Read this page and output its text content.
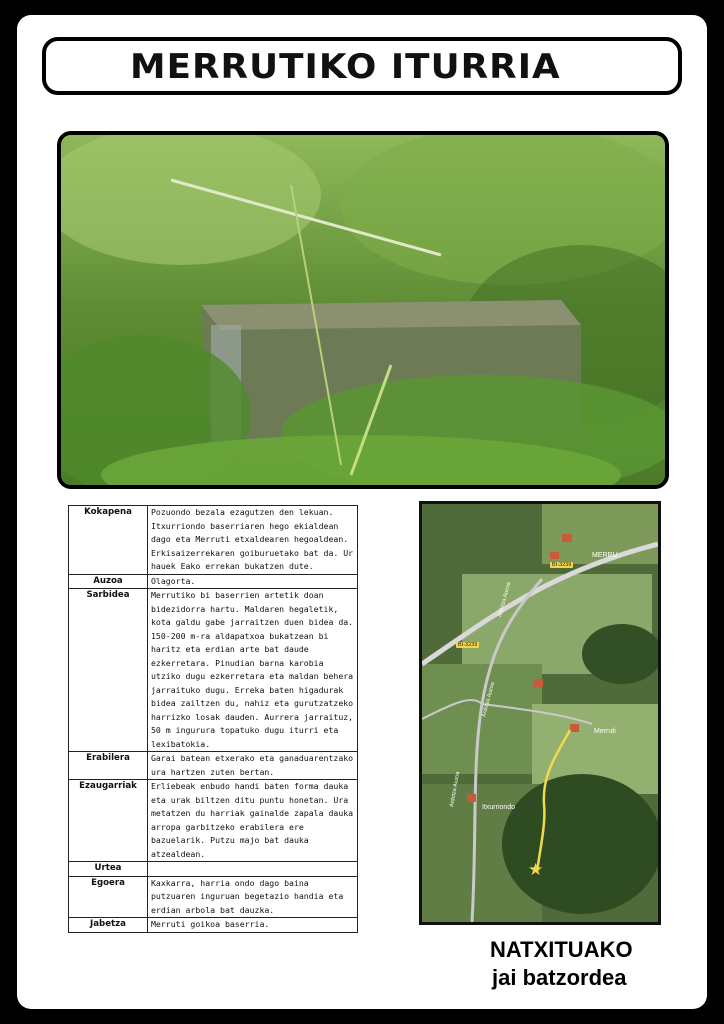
MERRUTIKO ITURRIA
Kokapena	Pozuondo bezala ezagutzen den lekuan. Itxurriondo baserriaren hego ekialdean dago eta Merruti etxaldearen hegoaldean. Erkisaizerrekaren goiburuetako bat da. Ur hauek Eako errekan bukatzen dute.
Auzoa	Olagorta.
Sarbidea	Merrutiko bi baserrien artetik doan bidezidorra hartu. Maldaren hegaletik, kota galdu gabe jarraitzen duen bidea da. 150-200 m-ra aldapatxoa bukatzean bi haritz eta erdian arte bat daude ezkerretara. Pinudian barna karobia utziko dugu ezkerretara eta maldan behera jarraituko dugu. Erreka baten higadurak bidea zailtzen du, nahiz eta gurutzatzeko harrizko losak dauden. Aurrera jarraituz, 50 m ingurura topatuko dugu iturri eta lexibatokia.
Erabilera	Garai batean etxerako eta ganaduarentzako ura hartzen zuten bertan.
Ezaugarriak	Erliebeak enbudo handi baten forma dauka eta urak biltzen ditu puntu honetan. Ura metatzen du harriak gainalde zapala dauka arropa garbitzeko erabilera ere bazuelarik. Putzu majo bat dauka atzealdean.
Urtea	
Egoera	Kaxkarra, harria ondo dago baina putzuaren inguruan begetazio handia eta erdian arbola bat dauzka.
Jabetza	Merruti goikoa baserria.
MERRU
Merruti
Itxurriondo
BI-3239
BI-3239
Ardotza Auzoa
Ardotza Auzoa
Ardotza Auzoa
★
NATXITUAKO
jai batzordea
